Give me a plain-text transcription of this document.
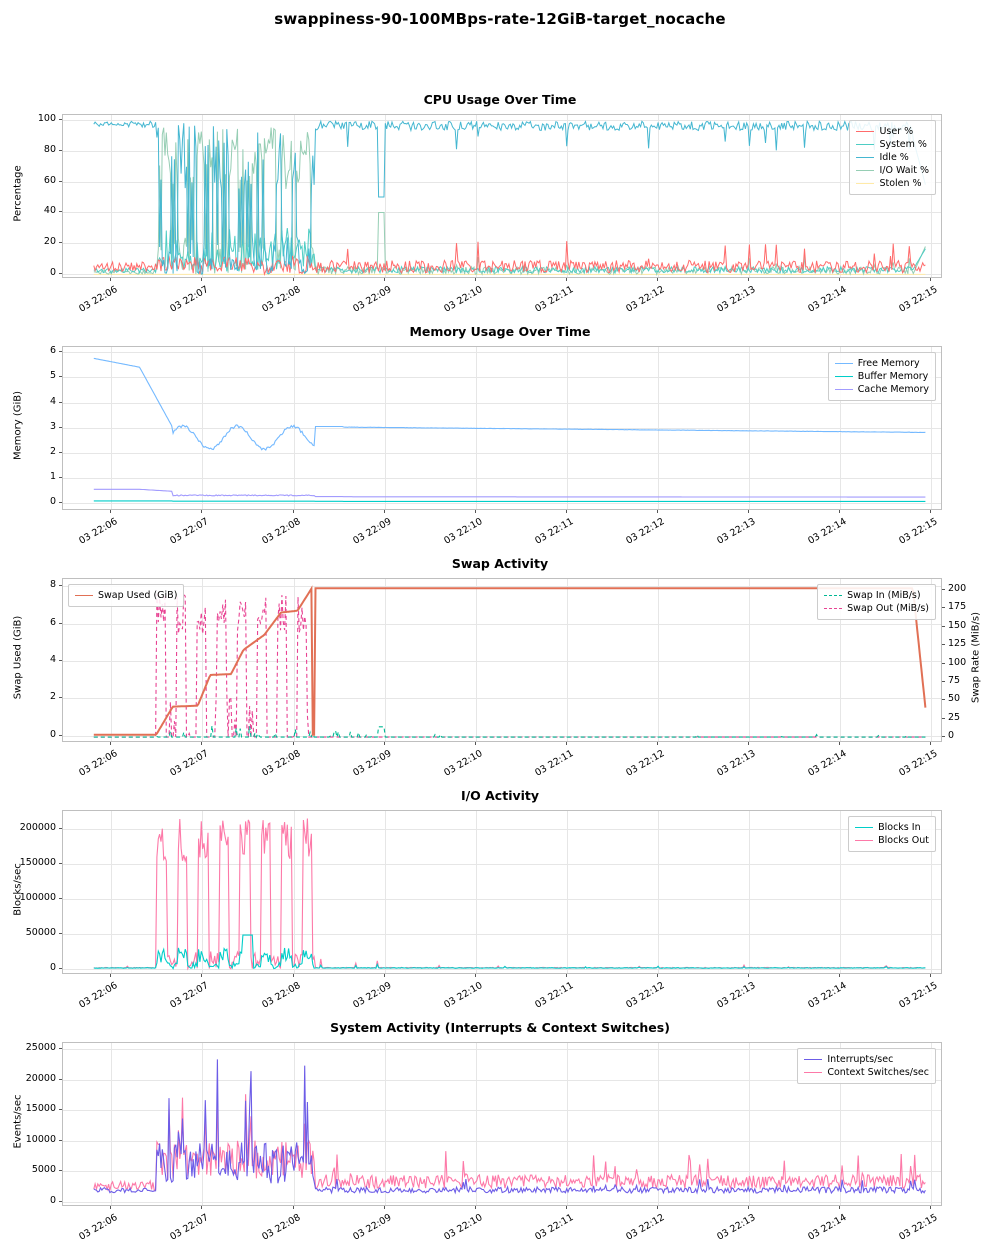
swappiness-90-100MBps-rate-12GiB-target_nocache
CPU Usage Over Time
0
20
40
60
80
100
Percentage
03 22:06	03 22:07	03 22:08	03 22:09	03 22:10	03 22:11	03 22:12	03 22:13	03 22:14	03 22:15
User %
System %
Idle %
I/O Wait %
Stolen %
Memory Usage Over Time
0
1
2
3
4
5
6
Memory (GiB)
03 22:06	03 22:07	03 22:08	03 22:09	03 22:10	03 22:11	03 22:12	03 22:13	03 22:14	03 22:15
Free Memory
Buffer Memory
Cache Memory
Swap Activity
0
2
4
6
8
0
25
50
75
100
125
150
175
200
Swap Rate (MiB/s)
Swap Used (GiB)
03 22:06	03 22:07	03 22:08	03 22:09	03 22:10	03 22:11	03 22:12	03 22:13	03 22:14	03 22:15
Swap Used (GiB)	Swap In (MiB/s)
Swap Out (MiB/s)
I/O Activity
0
50000
100000
150000
200000
Blocks/sec
03 22:06	03 22:07	03 22:08	03 22:09	03 22:10	03 22:11	03 22:12	03 22:13	03 22:14	03 22:15
Blocks In
Blocks Out
System Activity (Interrupts & Context Switches)
0
5000
10000
15000
20000
25000
Events/sec
03 22:06	03 22:07	03 22:08	03 22:09	03 22:10	03 22:11	03 22:12	03 22:13	03 22:14	03 22:15
Interrupts/sec
Context Switches/sec
